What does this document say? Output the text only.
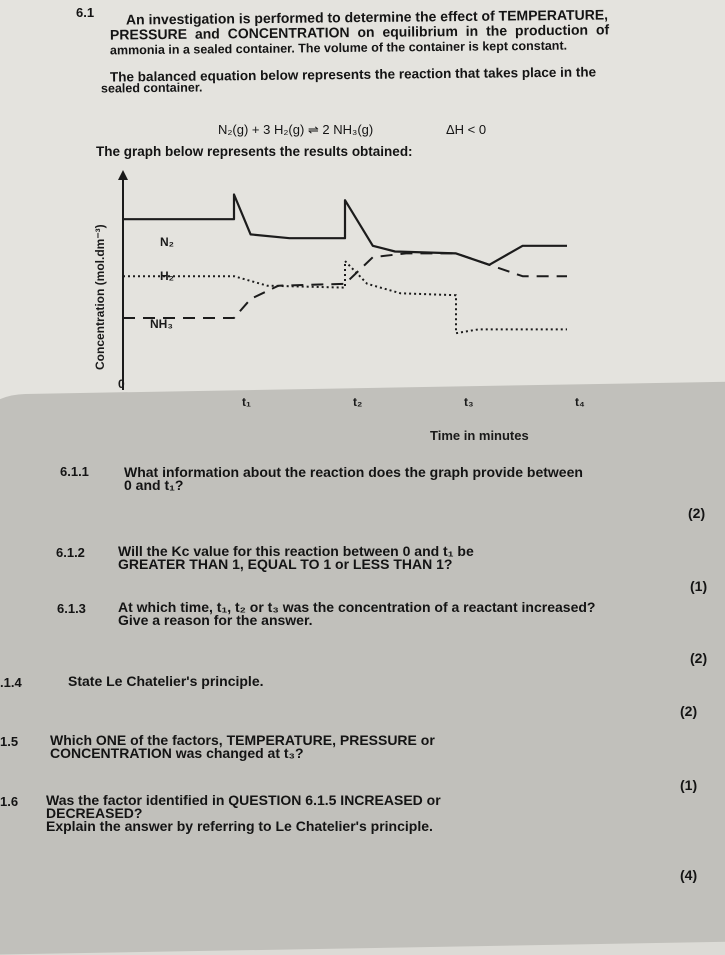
6.1 An investigation is performed to determine the effect of TEMPERATURE,
PRESSURE and CONCENTRATION on equilibrium in the production of
ammonia in a sealed container. The volume of the container is kept constant.
The balanced equation below represents the reaction that takes place in the
sealed container.
N₂(g) + 3 H₂(g) ⇌ 2 NH₃(g)	ΔH < 0
The graph below represents the results obtained:
0
t₁	t₂	t₃	t₄
Concentration (mol.dm⁻³)
Time in minutes
N₂
H₂
NH₃
6.1.1	What information about the reaction does the graph provide between
0 and t₁?
(2)
6.1.2 Will the Kc value for this reaction between 0 and t₁ be
GREATER THAN 1, EQUAL TO 1 or LESS THAN 1?
(1)
6.1.3 At which time, t₁, t₂ or t₃ was the concentration of a reactant increased?
Give a reason for the answer.
(2)
.1.4	State Le Chatelier's principle.
(2)
1.5 Which ONE of the factors, TEMPERATURE, PRESSURE or
CONCENTRATION was changed at t₃?
(1)
1.6 Was the factor identified in QUESTION 6.1.5 INCREASED or
DECREASED?
Explain the answer by referring to Le Chatelier's principle.
(4)
